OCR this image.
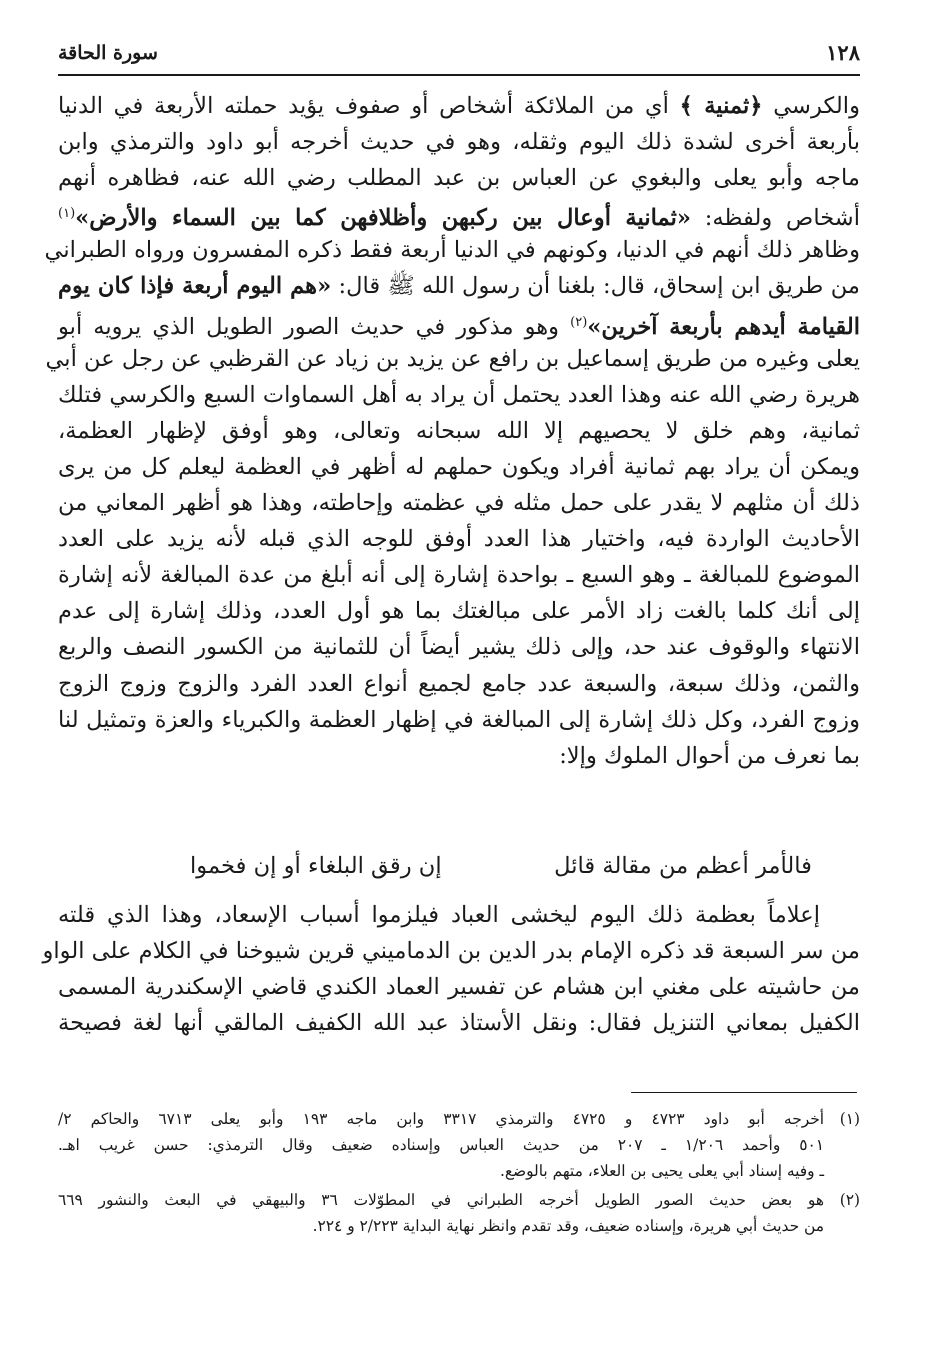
١٢٨
سورة الحاقة
والكرسي ﴿ثمنية ﴾ أي من الملائكة أشخاص أو صفوف يؤيد حملته الأربعة في الدنيا
بأربعة أخرى لشدة ذلك اليوم وثقله، وهو في حديث أخرجه أبو داود والترمذي وابن
ماجه وأبو يعلى والبغوي عن العباس بن عبد المطلب رضي الله عنه، فظاهره أنهم
أشخاص ولفظه: «ثمانية أوعال بين ركبهن وأظلافهن كما بين السماء والأرض»$^{(١)}$
وظاهر ذلك أنهم في الدنيا، وكونهم في الدنيا أربعة فقط ذكره المفسرون ورواه الطبراني
من طريق ابن إسحاق، قال: بلغنا أن رسول الله ﷺ قال: «هم اليوم أربعة فإذا كان يوم
القيامة أيدهم بأربعة آخرين»$^{(٢)}$ وهو مذكور في حديث الصور الطويل الذي يرويه أبو
يعلى وغيره من طريق إسماعيل بن رافع عن يزيد بن زياد عن القرظبي عن رجل عن أبي
هريرة رضي الله عنه وهذا العدد يحتمل أن يراد به أهل السماوات السبع والكرسي فتلك
ثمانية، وهم خلق لا يحصيهم إلا الله سبحانه وتعالى، وهو أوفق لإظهار العظمة،
ويمكن أن يراد بهم ثمانية أفراد ويكون حملهم له أظهر في العظمة ليعلم كل من يرى
ذلك أن مثلهم لا يقدر على حمل مثله في عظمته وإحاطته، وهذا هو أظهر المعاني من
الأحاديث الواردة فيه، واختيار هذا العدد أوفق للوجه الذي قبله لأنه يزيد على العدد
الموضوع للمبالغة ـ وهو السبع ـ بواحدة إشارة إلى أنه أبلغ من عدة المبالغة لأنه إشارة
إلى أنك كلما بالغت زاد الأمر على مبالغتك بما هو أول العدد، وذلك إشارة إلى عدم
الانتهاء والوقوف عند حد، وإلى ذلك يشير أيضاً أن للثمانية من الكسور النصف والربع
والثمن، وذلك سبعة، والسبعة عدد جامع لجميع أنواع العدد الفرد والزوج وزوج الزوج
وزوج الفرد، وكل ذلك إشارة إلى المبالغة في إظهار العظمة والكبرياء والعزة وتمثيل لنا
بما نعرف من أحوال الملوك وإلا:
فالأمر أعظم من مقالة قائل
إن رقق البلغاء أو إن فخموا
إعلاماً بعظمة ذلك اليوم ليخشى العباد فيلزموا أسباب الإسعاد، وهذا الذي قلته
من سر السبعة قد ذكره الإمام بدر الدين بن الدماميني قرين شيوخنا في الكلام على الواو
من حاشيته على مغني ابن هشام عن تفسير العماد الكندي قاضي الإسكندرية المسمى
الكفيل بمعاني التنزيل فقال: ونقل الأستاذ عبد الله الكفيف المالقي أنها لغة فصيحة
(١)
أخرجه أبو داود ٤٧٢٣ و ٤٧٢٥ والترمذي ٣٣١٧ وابن ماجه ١٩٣ وأبو يعلى ٦٧١٣ والحاكم ٢/
٥٠١ وأحمد ١/٢٠٦ ـ ٢٠٧ من حديث العباس وإسناده ضعيف وقال الترمذي: حسن غريب اهـ.
ـ وفيه إسناد أبي يعلى يحيى بن العلاء، متهم بالوضع.
(٢)
هو بعض حديث الصور الطويل أخرجه الطبراني في المطوّلات ٣٦ والبيهقي في البعث والنشور ٦٦٩
من حديث أبي هريرة، وإسناده ضعيف، وقد تقدم وانظر نهاية البداية ٢/٢٢٣ و ٢٢٤.
